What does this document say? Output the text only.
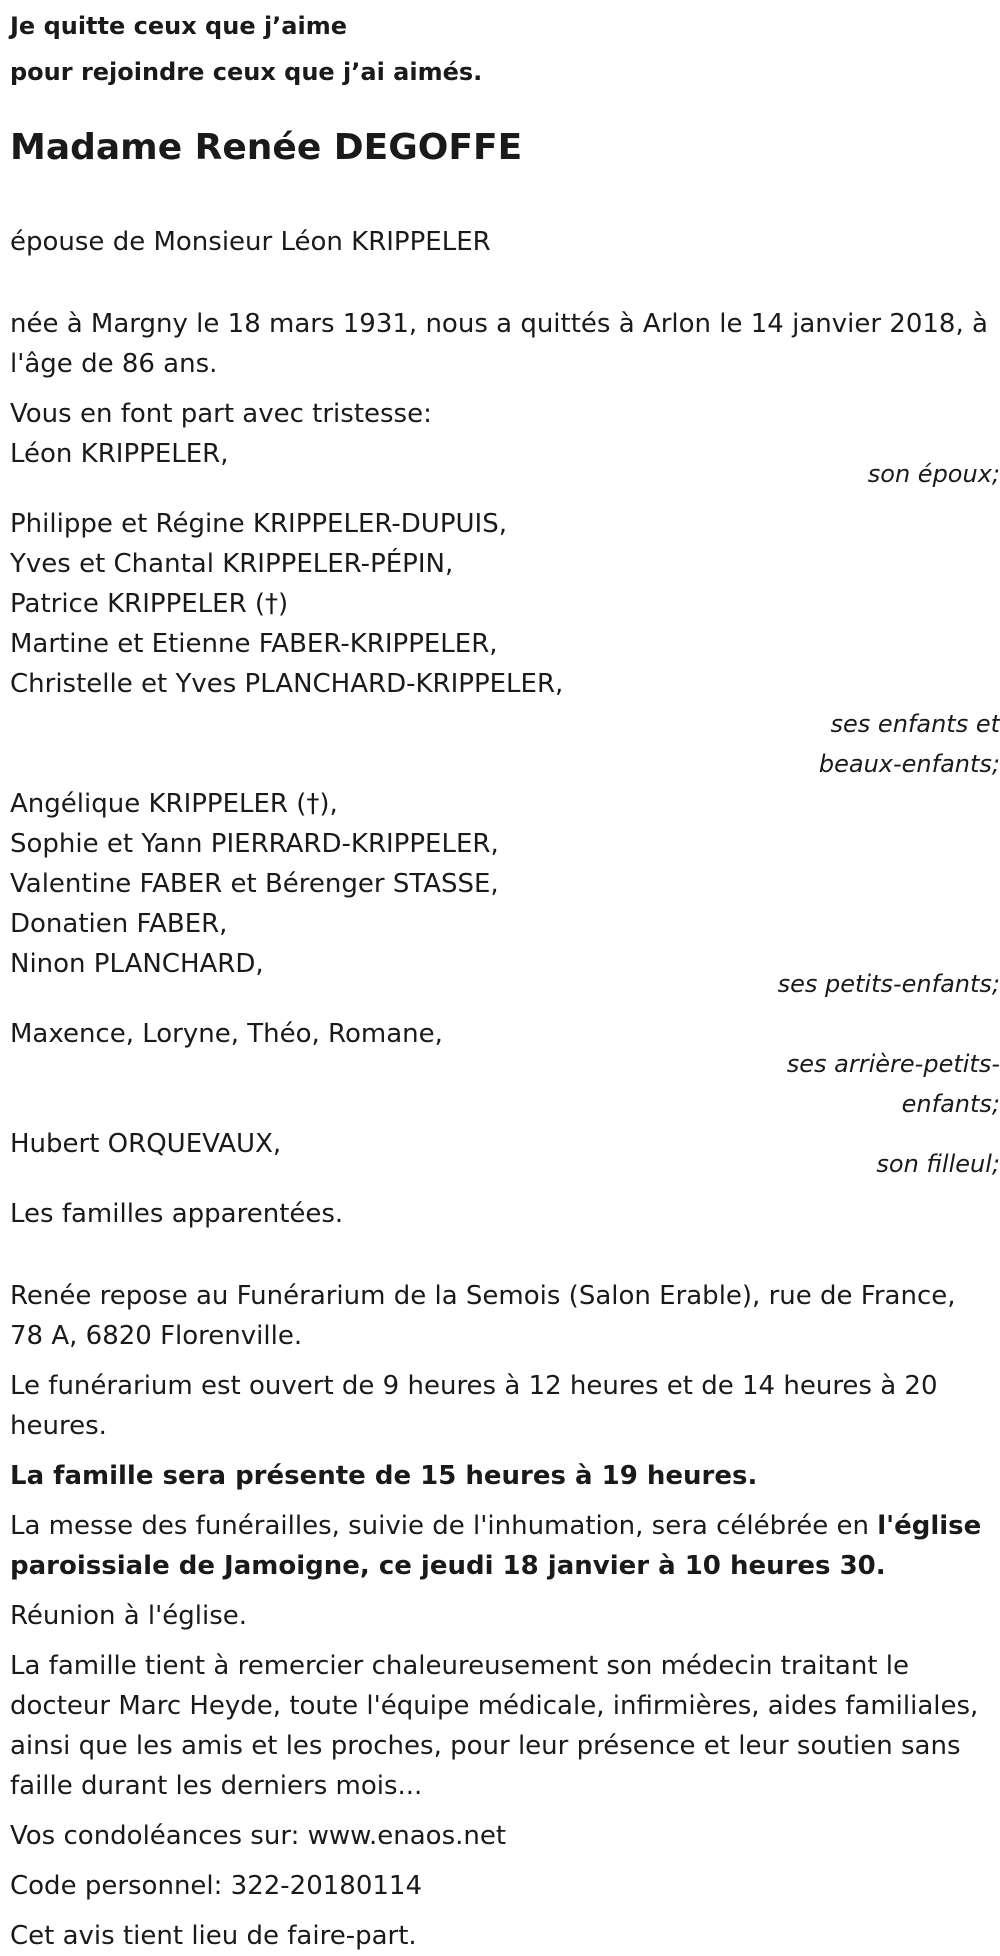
Je quitte ceux que j’aime

pour rejoindre ceux que j’ai aimés.

Madame Renée DEGOFFE

épouse de Monsieur Léon KRIPPELER

née à Margny le 18 mars 1931, nous a quittés à Arlon le 14 janvier 2018, à l'âge de 86 ans.

Vous en font part avec tristesse:

Léon KRIPPELER,
son époux;
Philippe et Régine KRIPPELER-DUPUIS,
Yves et Chantal KRIPPELER-PÉPIN,
Patrice KRIPPELER (†)
Martine et Etienne FABER-KRIPPELER,
Christelle et Yves PLANCHARD-KRIPPELER,
ses enfants et beaux-enfants;
Angélique KRIPPELER (†),
Sophie et Yann PIERRARD-KRIPPELER,
Valentine FABER et Bérenger STASSE,
Donatien FABER,
Ninon PLANCHARD,
ses petits-enfants;
Maxence, Loryne, Théo, Romane,
ses arrière-petits-enfants;
Hubert ORQUEVAUX,
son filleul;

Les familles apparentées.

Renée repose au Funérarium de la Semois (Salon Erable), rue de France, 78 A, 6820 Florenville.

Le funérarium est ouvert de 9 heures à 12 heures et de 14 heures à 20 heures.

La famille sera présente de 15 heures à 19 heures.

La messe des funérailles, suivie de l'inhumation, sera célébrée en l'église paroissiale de Jamoigne, ce jeudi 18 janvier à 10 heures 30.

Réunion à l'église.

La famille tient à remercier chaleureusement son médecin traitant le docteur Marc Heyde, toute l'équipe médicale, infirmières, aides familiales, ainsi que les amis et les proches, pour leur présence et leur soutien sans faille durant les derniers mois...

Vos condoléances sur: www.enaos.net

Code personnel: 322-20180114

Cet avis tient lieu de faire-part.
